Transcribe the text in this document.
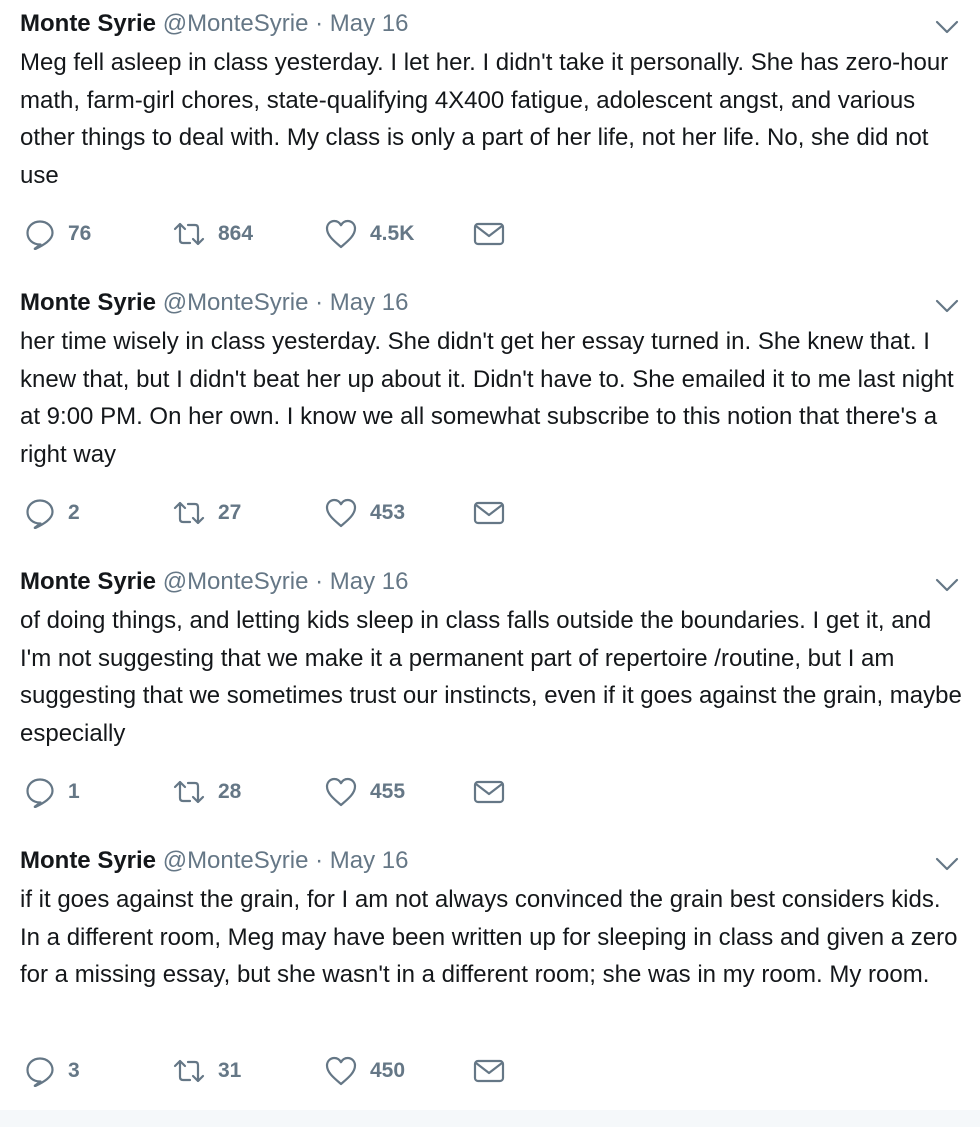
Monte Syrie @MonteSyrie · May 16
Meg fell asleep in class yesterday. I let her. I didn't take it personally. She has zero-hour math, farm-girl chores, state-qualifying 4X400 fatigue, adolescent angst, and various other things to deal with. My class is only a part of her life, not her life. No, she did not use
76	864	4.5K
Monte Syrie @MonteSyrie · May 16
her time wisely in class yesterday. She didn't get her essay turned in. She knew that. I knew that, but I didn't beat her up about it. Didn't have to. She emailed it to me last night at 9:00 PM. On her own. I know we all somewhat subscribe to this notion that there's a right way
2	27	453
Monte Syrie @MonteSyrie · May 16
of doing things, and letting kids sleep in class falls outside the boundaries. I get it, and I'm not suggesting that we make it a permanent part of repertoire /routine, but I am suggesting that we sometimes trust our instincts, even if it goes against the grain, maybe especially
1	28	455
Monte Syrie @MonteSyrie · May 16
if it goes against the grain, for I am not always convinced the grain best considers kids. In a different room, Meg may have been written up for sleeping in class and given a zero for a missing essay, but she wasn't in a different room; she was in my room. My room.
3	31	450
